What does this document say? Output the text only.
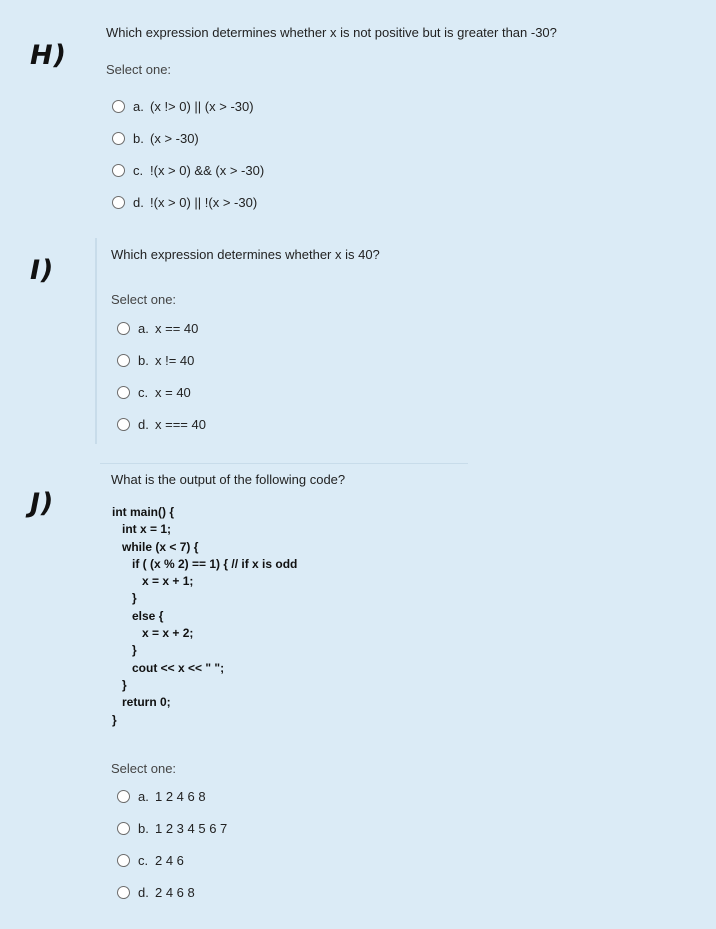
H)
Which expression determines whether x is not positive but is greater than -30?
Select one:
a. (x !> 0) || (x > -30)
b. (x > -30)
c. !(x > 0) && (x > -30)
d. !(x > 0) || !(x > -30)
I)
Which expression determines whether x is 40?
Select one:
a. x == 40
b. x != 40
c. x = 40
d. x === 40
J)
What is the output of the following code?
int main() {
int x = 1;
while (x < 7) {
if ( (x % 2) == 1) { // if x is odd
x = x + 1;
}
else {
x = x + 2;
}
cout << x << " ";
}
return 0;
}
Select one:
a. 1 2 4 6 8
b. 1 2 3 4 5 6 7
c. 2 4 6
d. 2 4 6 8
